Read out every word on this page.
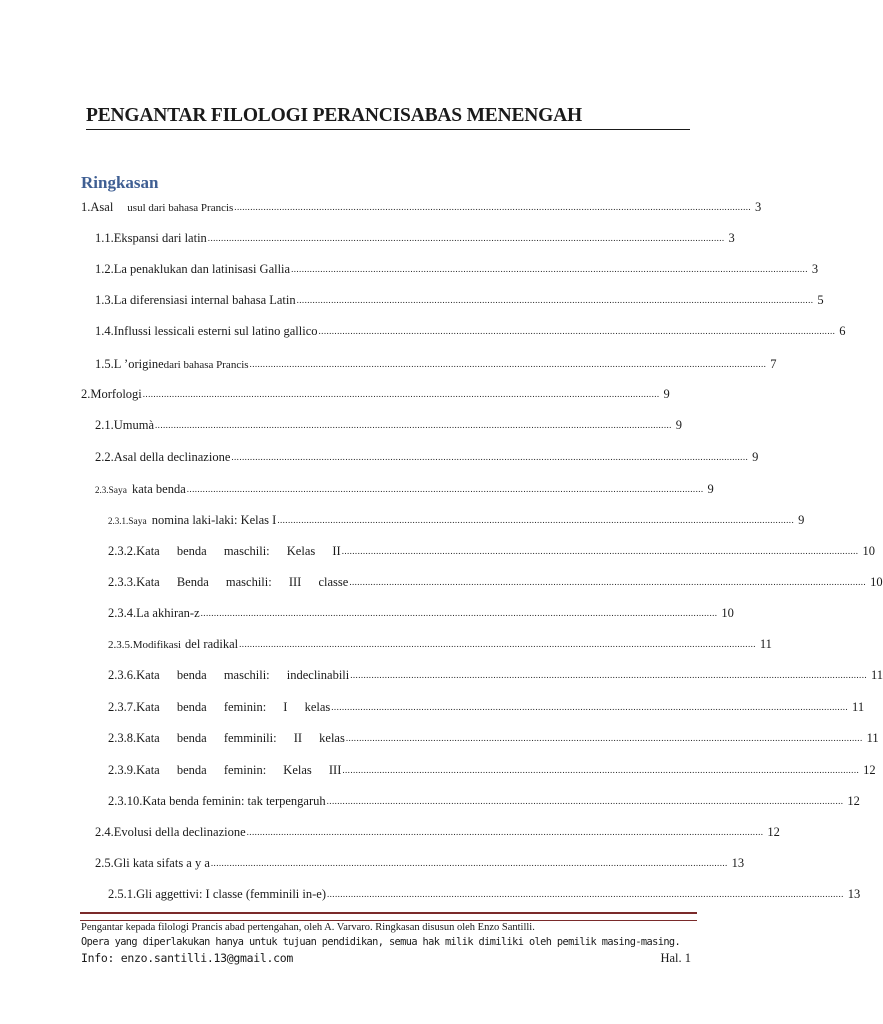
PENGANTAR FILOLOGI PERANCISABAS MENENGAH
Ringkasan
1. Asal usul dari bahasa Prancis ................................................................................................................................................................................................... 3
1.1. Ekspansi dari latin ................................................................................................................................................................................................... 3
1.2. La penaklukan dan latinisasi Gallia ................................................................................................................................................................................................... 3
1.3. La diferensiasi internal bahasa Latin ................................................................................................................................................................................................... 5
1.4. Influssi lessicali esterni sul latino gallico ................................................................................................................................................................................................... 6
1.5. L ’origine dari bahasa Prancis ................................................................................................................................................................................................... 7
2. Morfologi ................................................................................................................................................................................................... 9
2.1. Umumà ................................................................................................................................................................................................... 9
2.2. Asal della declinazione ................................................................................................................................................................................................... 9
2.3. Saya kata benda ................................................................................................................................................................................................... 9
2.3.1. Saya nomina laki-laki: Kelas I ................................................................................................................................................................................................... 9
2.3.2. Kata benda maschili: Kelas II ................................................................................................................................................................................................... 10
2.3.3. Kata Benda maschili: III classe ................................................................................................................................................................................................... 10
2.3.4. La akhiran-z ................................................................................................................................................................................................... 10
2.3.5. Modifikasi del radikal ................................................................................................................................................................................................... 11
2.3.6. Kata benda maschili: indeclinabili ................................................................................................................................................................................................... 11
2.3.7. Kata benda feminin: I kelas ................................................................................................................................................................................................... 11
2.3.8. Kata benda femminili: II kelas ................................................................................................................................................................................................... 11
2.3.9. Kata benda feminin: Kelas III ................................................................................................................................................................................................... 12
2.3.10. Kata benda feminin: tak terpengaruh ................................................................................................................................................................................................... 12
2.4. Evolusi della declinazione ................................................................................................................................................................................................... 12
2.5. Gli kata sifats a y a ................................................................................................................................................................................................... 13
2.5.1. Gli aggettivi: I classe (femminili in-e) ................................................................................................................................................................................................... 13
Pengantar kepada filologi Prancis abad pertengahan, oleh A. Varvaro. Ringkasan disusun oleh Enzo Santilli.
Opera yang diperlakukan hanya untuk tujuan pendidikan, semua hak milik dimiliki oleh pemilik masing-masing.
Info: enzo.santilli.13@gmail.com	Hal. 1
